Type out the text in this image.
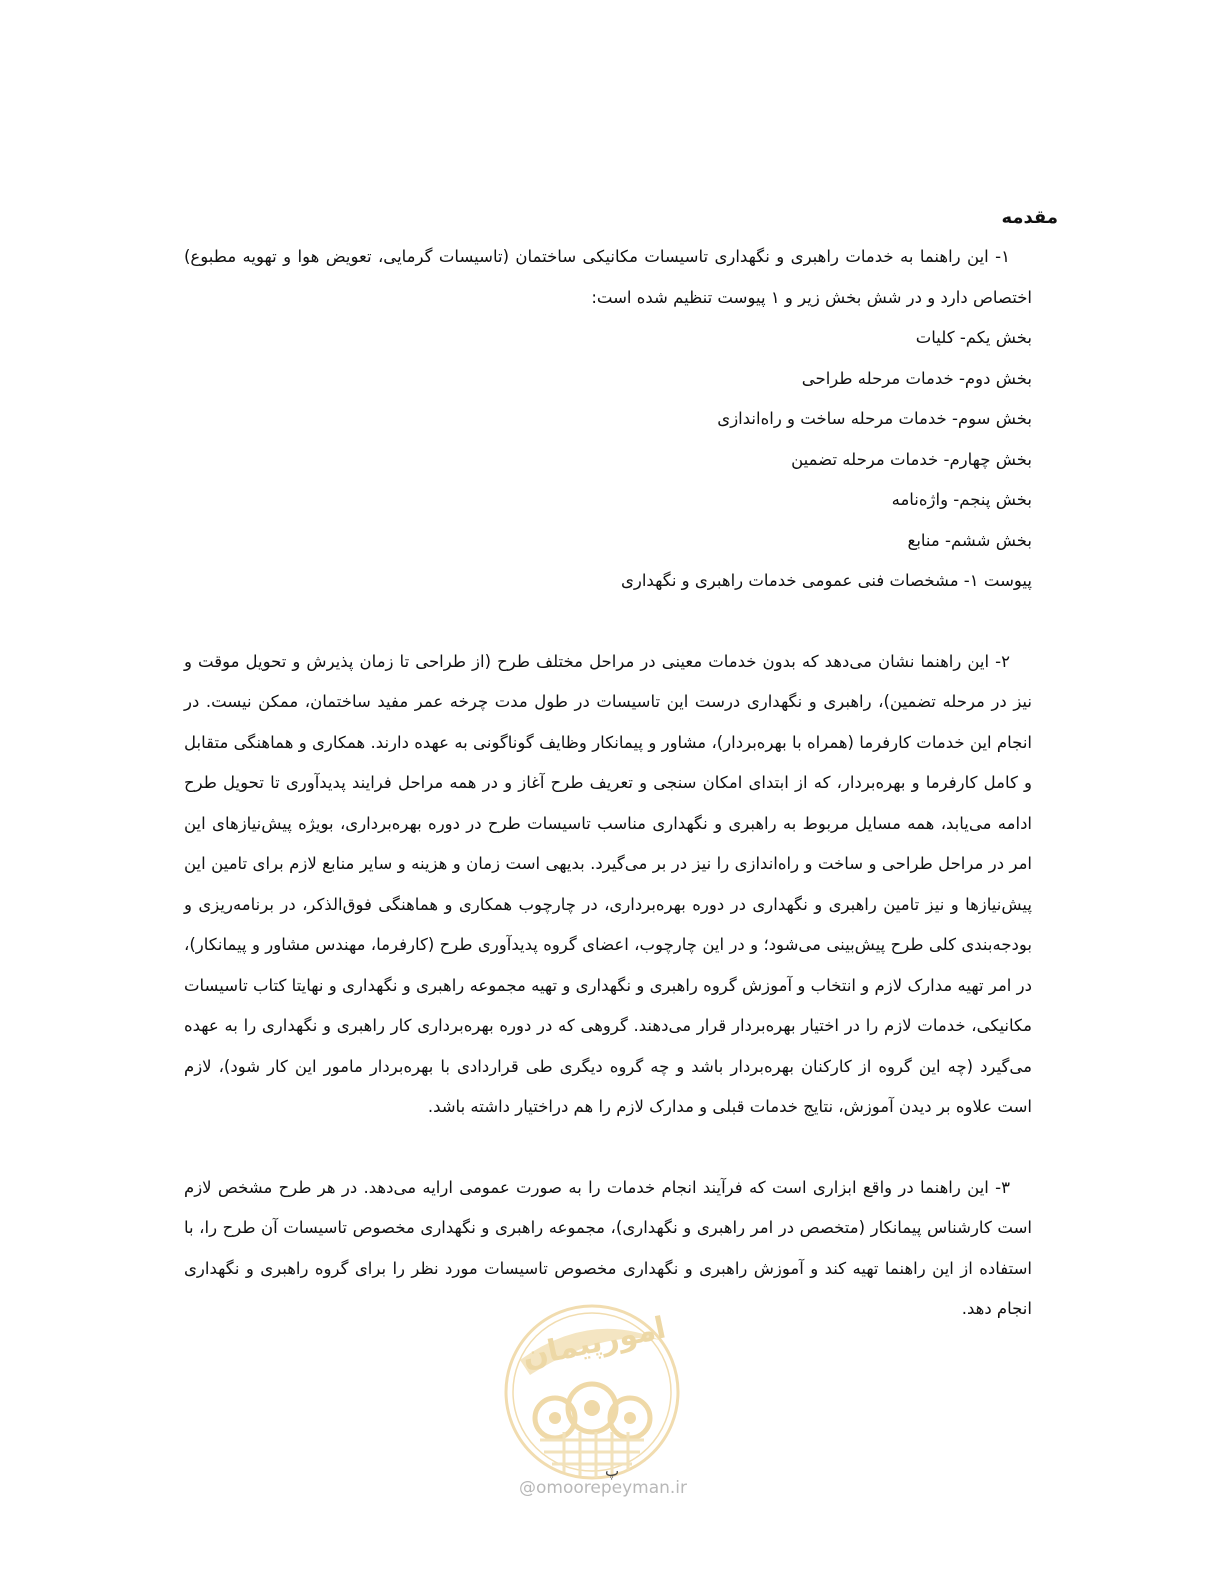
مقدمه

۱- این راهنما به خدمات راهبری و نگهداری تاسیسات مکانیکی ساختمان (تاسیسات گرمایی، تعویض هوا و تهویه مطبوع) اختصاص دارد و در شش بخش زیر و ۱ پیوست تنظیم شده است:

بخش یکم- کلیات
بخش دوم- خدمات مرحله طراحی
بخش سوم- خدمات مرحله ساخت و راه‌اندازی
بخش چهارم- خدمات مرحله تضمین
بخش پنجم- واژه‌نامه
بخش ششم- منابع
پیوست ۱- مشخصات فنی عمومی خدمات راهبری و نگهداری

۲- این راهنما نشان می‌دهد که بدون خدمات معینی در مراحل مختلف طرح (از طراحی تا زمان پذیرش و تحویل موقت و نیز در مرحله تضمین)، راهبری و نگهداری درست این تاسیسات در طول مدت چرخه عمر مفید ساختمان، ممکن نیست. در انجام این خدمات کارفرما (همراه با بهره‌بردار)، مشاور و پیمانکار وظایف گوناگونی به عهده دارند. همکاری و هماهنگی متقابل و کامل کارفرما و بهره‌بردار، که از ابتدای امکان سنجی و تعریف طرح آغاز و در همه مراحل فرایند پدیدآوری تا تحویل طرح ادامه می‌یابد، همه مسایل مربوط به راهبری و نگهداری مناسب تاسیسات طرح در دوره بهره‌برداری، بویژه پیش‌نیازهای این امر در مراحل طراحی و ساخت و راه‌اندازی را نیز در بر می‌گیرد. بدیهی است زمان و هزینه و سایر منابع لازم برای تامین این پیش‌نیازها و نیز تامین راهبری و نگهداری در دوره بهره‌برداری، در چارچوب همکاری و هماهنگی فوق‌الذکر، در برنامه‌ریزی و بودجه‌بندی کلی طرح پیش‌بینی می‌شود؛ و در این چارچوب، اعضای گروه پدیدآوری طرح (کارفرما، مهندس مشاور و پیمانکار)، در امر تهیه مدارک لازم و انتخاب و آموزش گروه راهبری و نگهداری و تهیه مجموعه راهبری و نگهداری و نهایتا کتاب تاسیسات مکانیکی، خدمات لازم را در اختیار بهره‌بردار قرار می‌دهند. گروهی که در دوره بهره‌برداری کار راهبری و نگهداری را به عهده می‌گیرد (چه این گروه از کارکنان بهره‌بردار باشد و چه گروه دیگری طی قراردادی با بهره‌بردار مامور این کار شود)، لازم است علاوه بر دیدن آموزش، نتایج خدمات قبلی و مدارک لازم را هم دراختیار داشته باشد.

۳- این راهنما در واقع ابزاری است که فرآیند انجام خدمات را به صورت عمومی ارایه می‌دهد. در هر طرح مشخص لازم است کارشناس پیمانکار (متخصص در امر راهبری و نگهداری)، مجموعه راهبری و نگهداری مخصوص تاسیسات آن طرح را، با استفاده از این راهنما تهیه کند و آموزش راهبری و نگهداری مخصوص تاسیسات مورد نظر را برای گروه راهبری و نگهداری انجام دهد.

امورپیمان
پ
@omoorepeyman.ir
